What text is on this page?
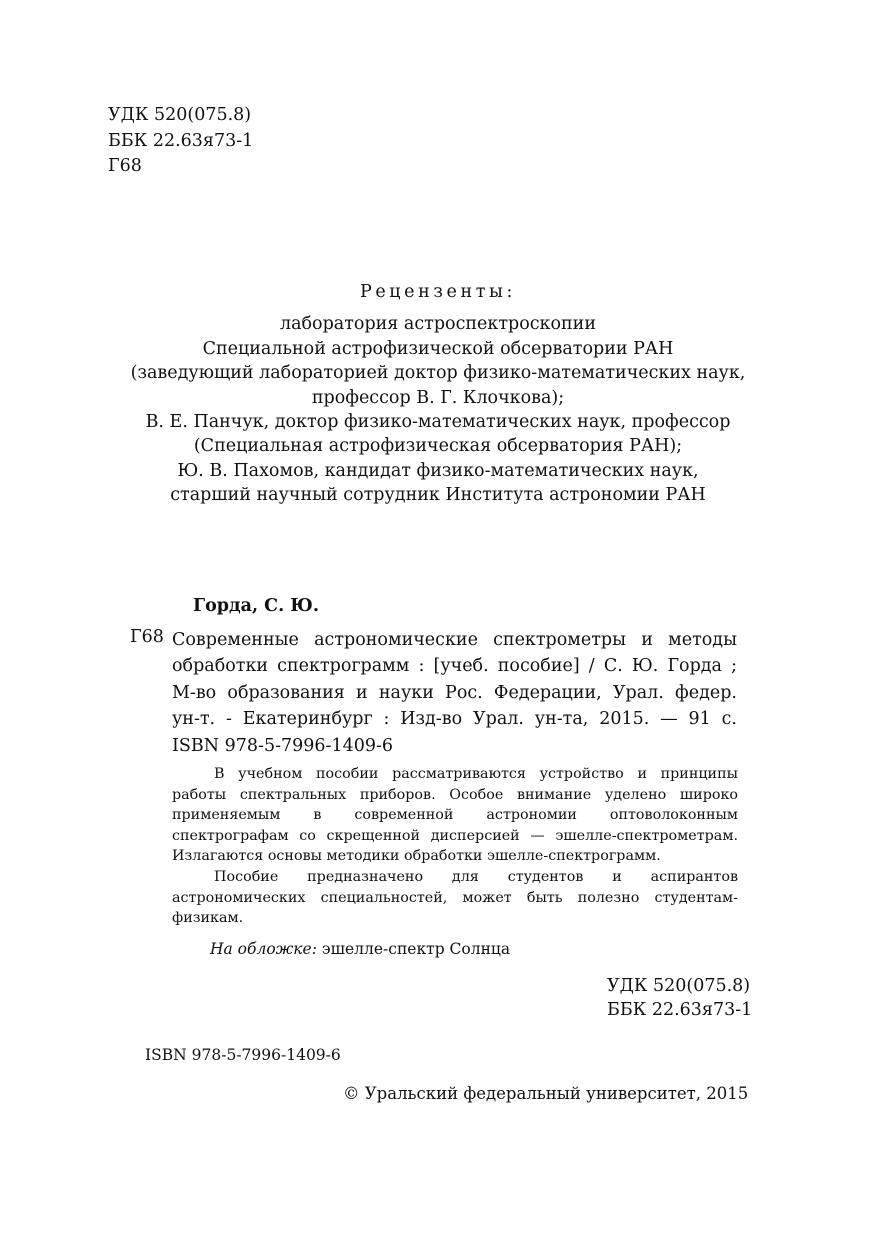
УДК 520(075.8)
ББК 22.63я73-1
Г68
Рецензенты:
лаборатория астроспектроскопии
Специальной астрофизической обсерватории РАН
(заведующий лабораторией доктор физико-математических наук,
профессор В. Г. Клочкова);
В. Е. Панчук, доктор физико-математических наук, профессор
(Специальная астрофизическая обсерватория РАН);
Ю. В. Пахомов, кандидат физико-математических наук,
старший научный сотрудник Института астрономии РАН
Горда, С. Ю.
Г68 Современные астрономические спектрометры и методы
обработки спектрограмм : [учеб. пособие] / С. Ю. Горда ;
М-во образования и науки Рос. Федерации, Урал. федер.
ун-т. - Екатеринбург : Изд-во Урал. ун-та, 2015. — 91 с.
ISBN 978-5-7996-1409-6

В учебном пособии рассматриваются устройство и принципы работы спектральных приборов. Особое внимание уделено широко применяемым в современной астрономии оптоволоконным спектрографам со скрещенной дисперсией — эшелле-спектрометрам. Излагаются основы методики обработки эшелле-спектрограмм.

Пособие предназначено для студентов и аспирантов астрономических специальностей, может быть полезно студентам-физикам.

На обложке: эшелле-спектр Солнца
УДК 520(075.8)
ББК 22.63я73-1
ISBN 978-5-7996-1409-6
© Уральский федеральный университет, 2015
